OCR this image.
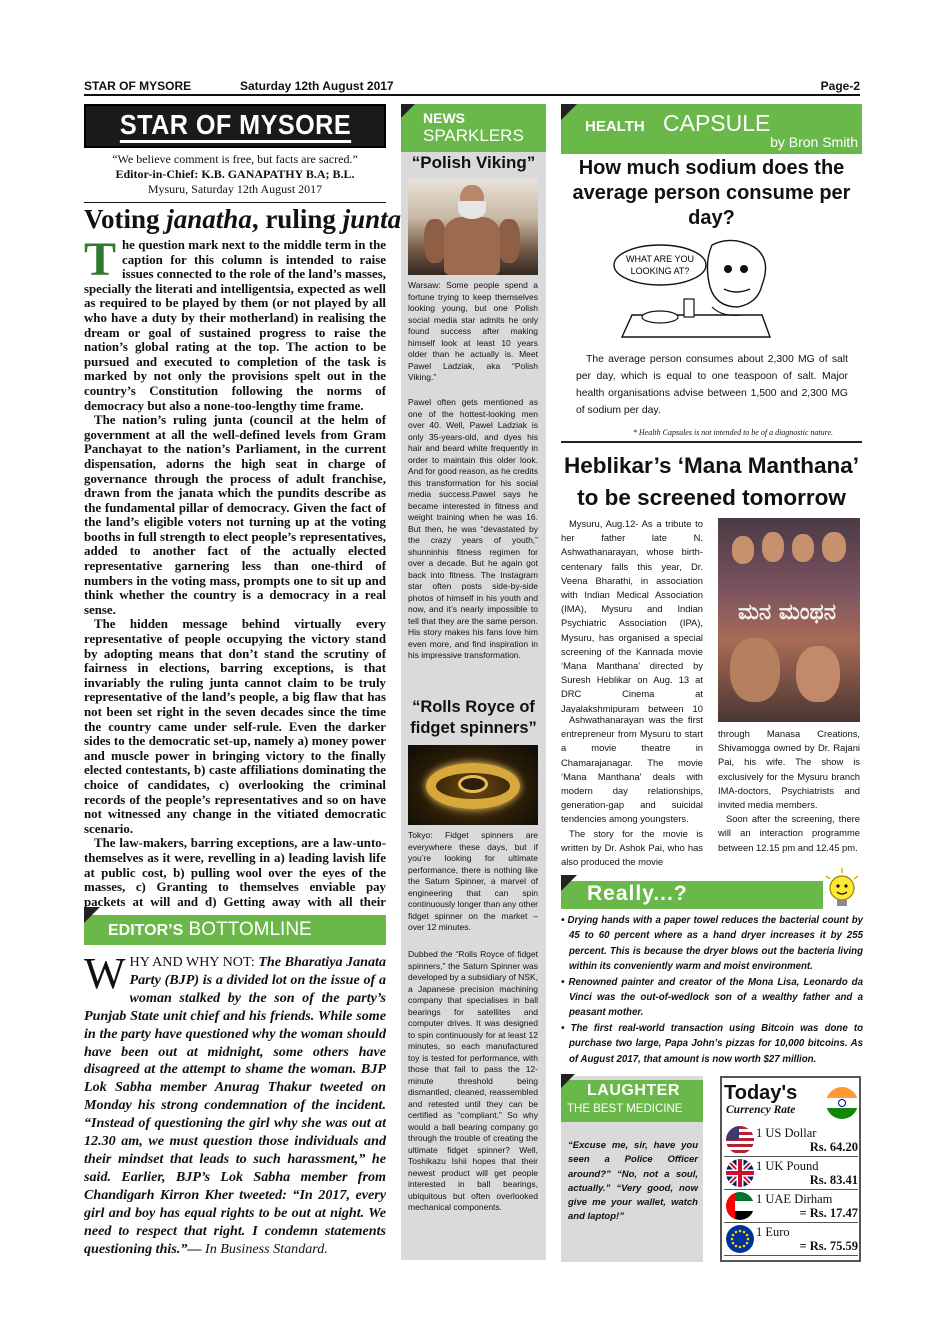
STAR OF MYSORE	Saturday 12th August 2017	Page-2
STAR OF MYSORE
“We believe comment is free, but facts are sacred.”
Editor-in-Chief: K.B. GANAPATHY B.A; B.L.
Mysuru, Saturday 12th August 2017
Voting janatha, ruling junta

The question mark next to the middle term in the caption for this column is intended to raise issues connected to the role of the land’s masses, specially the literati and intelligentsia, expected as well as required to be played by them (or not played by all who have a duty by their motherland) in realising the dream or goal of sustained progress to raise the nation’s global rating at the top. The action to be pursued and executed to completion of the task is marked by not only the provisions spelt out in the country’s Constitution following the norms of democracy but also a none-too-lengthy time frame.

The nation’s ruling junta (council at the helm of government at all the well-defined levels from Gram Panchayat to the nation’s Parliament, in the current dispensation, adorns the high seat in charge of governance through the process of adult franchise, drawn from the janata which the pundits describe as the fundamental pillar of democracy. Given the fact of the land’s eligible voters not turning up at the voting booths in full strength to elect people’s representatives, added to another fact of the actually elected representative garnering less than one-third of numbers in the voting mass, prompts one to sit up and think whether the country is a democracy in a real sense.

The hidden message behind virtually every representative of people occupying the victory stand by adopting means that don’t stand the scrutiny of fairness in elections, barring exceptions, is that invariably the ruling junta cannot claim to be truly representative of the land’s people, a big flaw that has not been set right in the seven decades since the time the country came under self-rule. Even the darker sides to the democratic set-up, namely a) money power and muscle power in bringing victory to the finally elected contestants, b) caste affiliations dominating the choice of candidates, c) overlooking the criminal records of the people’s representatives and so on have not witnessed any change in the vitiated democratic scenario.

The law-makers, barring exceptions, are a law-unto-themselves as it were, revelling in a) leading lavish life at public cost, b) pulling wool over the eyes of the masses, c) Granting to themselves enviable pay packets at will and d) Getting away with all their

EDITOR’S BOTTOMLINE
WHY AND WHY NOT: The Bharatiya Janata Party (BJP) is a divided lot on the issue of a woman stalked by the son of the party’s Punjab State unit chief and his friends. While some in the party have questioned why the woman should have been out at midnight, some others have disagreed at the attempt to shame the woman. BJP Lok Sabha member Anurag Thakur tweeted on Monday his strong condemnation of the incident. “Instead of questioning the girl why she was out at 12.30 am, we must question those individuals and their mindset that leads to such harassment,” he said. Earlier, BJP’s Lok Sabha member from Chandigarh Kirron Kher tweeted: “In 2017, every girl and boy has equal rights to be out at night. We need to respect that right. I condemn statements questioning this.”— In Business Standard.
NEWS
SPARKLERS
“Polish Viking”
Warsaw: Some people spend a fortune trying to keep themselves looking young, but one Polish social media star admits he only found success after making himself look at least 10 years older than he actually is. Meet Pawel Ladziak, aka “Polish Viking.”
Pawel often gets mentioned as one of the hottest-looking men over 40. Well, Pawel Ladziak is only 35-years-old, and dyes his hair and beard white frequently in order to maintain this older look. And for good reason, as he credits this transformation for his social media success.Pawel says he became interested in fitness and weight training when he was 16. But then, he was “devastated by the crazy years of youth,” shunninhis fitness regimen for over a decade. But he again got back into fitness. The Instagram star often posts side-by-side photos of himself in his youth and now, and it’s nearly impossible to tell that they are the same person. His story makes his fans love him even more, and find inspiration in his impressive transformation.
“Rolls Royce of fidget spinners”
Tokyo: Fidget spinners are everywhere these days, but if you’re looking for ultimate performance, there is nothing like the Saturn Spinner, a marvel of engineering that can spin continuously longer than any other fidget spinner on the market – over 12 minutes.
Dubbed the “Rolls Royce of fidget spinners,” the Saturn Spinner was developed by a subsidiary of NSK, a Japanese precision machining company that specialises in ball bearings for satellites and computer drives. It was designed to spin continuously for at least 12 minutes, so each manufactured toy is tested for performance, with those that fail to pass the 12-minute threshold being dismantled, cleaned, reassembled and retested until they can be certified as “compliant.” So why would a ball bearing company go through the trouble of creating the ultimate fidget spinner? Well, Toshikazu Ishii hopes that their newest product will get people interested in ball bearings, ubiquitous but often overlooked mechanical components.
HEALTH CAPSULE
by Bron Smith
How much sodium does the average person consume per day?
WHAT ARE YOU
LOOKING AT?
The average person consumes about 2,300 MG of salt per day, which is equal to one teaspoon of salt. Major health organisations advise between 1,500 and 2,300 MG of sodium per day.
* Health Capsules is not intended to be of a diagnostic nature.
Heblikar’s ‘Mana Manthana’ to be screened tomorrow
Mysuru, Aug.12- As a tribute to her father late N. Ashwathanarayan, whose birth-centenary falls this year, Dr. Veena Bharathi, in association with Indian Medical Association (IMA), Mysuru and Indian Psychiatric Association (IPA), Mysuru, has organised a special screening of the Kannada movie ‘Mana Manthana’ directed by Suresh Heblikar on Aug. 13 at DRC Cinema at Jayalakshmipuram between 10

Ashwathanarayan was the first entrepreneur from Mysuru to start a movie theatre in Chamarajanagar. The movie ‘Mana Manthana’ deals with modern day relationships, generation-gap and suicidal tendencies among youngsters.

The story for the movie is written by Dr. Ashok Pai, who has also produced the movie

ಮನ ಮಂಥನ

through Manasa Creations, Shivamogga owned by Dr. Rajani Pai, his wife. The show is exclusively for the Mysuru branch IMA-doctors, Psychiatrists and invited media members.

Soon after the screening, there will an interaction programme between 12.15 pm and 12.45 pm.

Really...?
• Drying hands with a paper towel reduces the bacterial count by 45 to 60 percent where as a hand dryer increases it by 255 percent. This is because the dryer blows out the bacteria living within its conveniently warm and moist environment.
• Renowned painter and creator of the Mona Lisa, Leonardo da Vinci was the out-of-wedlock son of a wealthy father and a peasant mother.
• The first real-world transaction using Bitcoin was done to purchase two large, Papa John’s pizzas for 10,000 bitcoins. As of August 2017, that amount is now worth $27 million.
LAUGHTER
THE BEST MEDICINE
“Excuse me, sir, have you seen a Police Officer around?” “No, not a soul, actually.” “Very good, now give me your wallet, watch and laptop!”
Today's
Currency Rate
1 US Dollar
Rs. 64.20
1 UK Pound
Rs. 83.41
1 UAE Dirham
= Rs. 17.47
1 Euro
= Rs. 75.59
